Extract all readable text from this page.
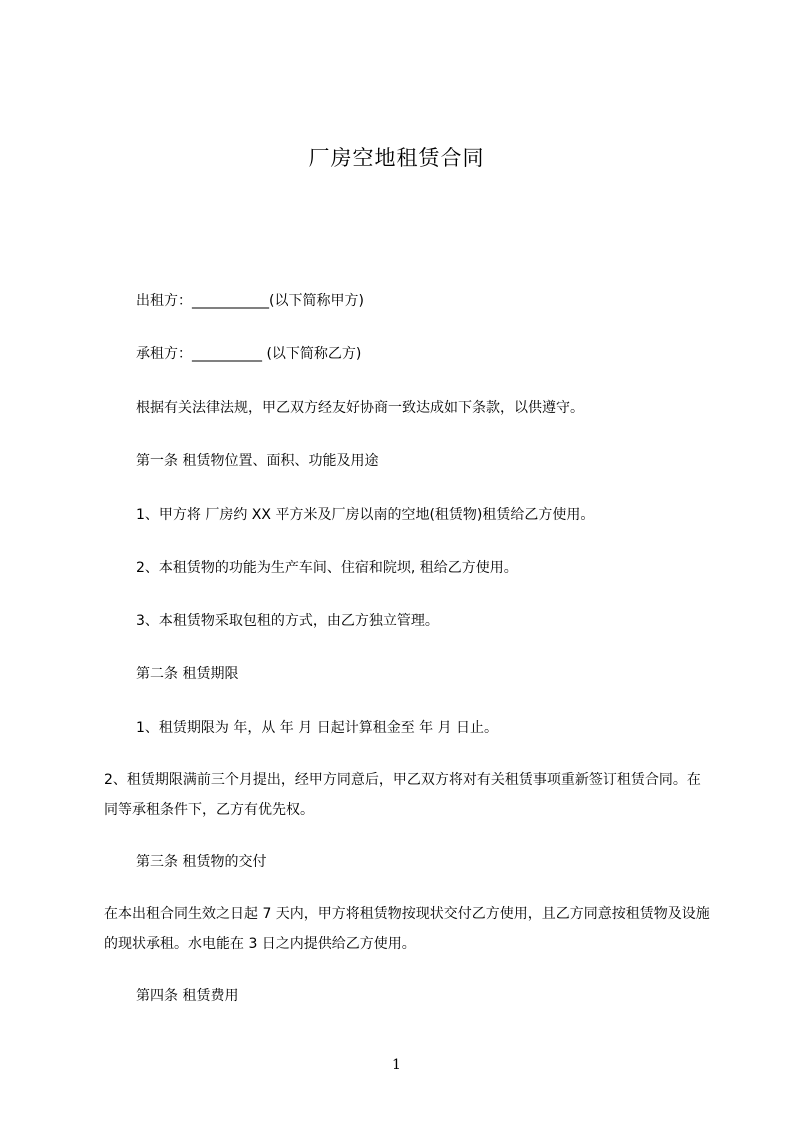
厂房空地租赁合同
出租方：___________(以下简称甲方)
承租方：__________ (以下简称乙方)
根据有关法律法规，甲乙双方经友好协商一致达成如下条款，以供遵守。
第一条 租赁物位置、面积、功能及用途
1、甲方将 厂房约 XX 平方米及厂房以南的空地(租赁物)租赁给乙方使用。
2、本租赁物的功能为生产车间、住宿和院坝, 租给乙方使用。
3、本租赁物采取包租的方式，由乙方独立管理。
第二条 租赁期限
1、租赁期限为 年，从 年 月 日起计算租金至 年 月 日止。
2、租赁期限满前三个月提出，经甲方同意后，甲乙双方将对有关租赁事项重新签订租赁合同。在同等承租条件下，乙方有优先权。
第三条 租赁物的交付
在本出租合同生效之日起 7 天内，甲方将租赁物按现状交付乙方使用，且乙方同意按租赁物及设施的现状承租。水电能在 3 日之内提供给乙方使用。
第四条 租赁费用
1
